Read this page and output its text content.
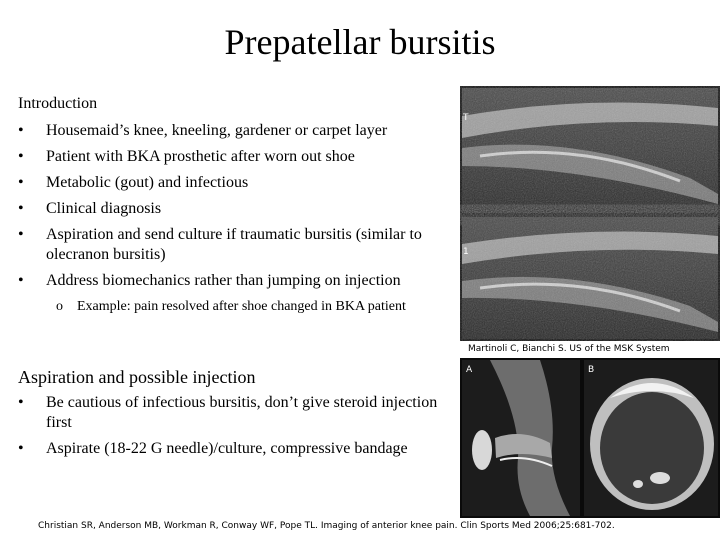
Prepatellar bursitis
Introduction
•	Housemaid’s knee, kneeling, gardener or carpet layer
•	Patient with BKA prosthetic after worn out shoe
•	Metabolic (gout) and infectious
•	Clinical diagnosis
•	Aspiration and send culture if traumatic bursitis (similar to olecranon bursitis)
•	Address biomechanics rather than jumping on injection
o	Example: pain resolved after shoe changed in BKA patient
T
1
Martinoli C, Bianchi S. US of the MSK System
Aspiration and possible injection
•	Be cautious of infectious bursitis, don’t give steroid injection first
•	Aspirate (18-22 G needle)/culture, compressive bandage
A	B
Christian SR, Anderson MB, Workman R, Conway WF, Pope TL. Imaging of anterior knee pain. Clin Sports Med 2006;25:681-702.
